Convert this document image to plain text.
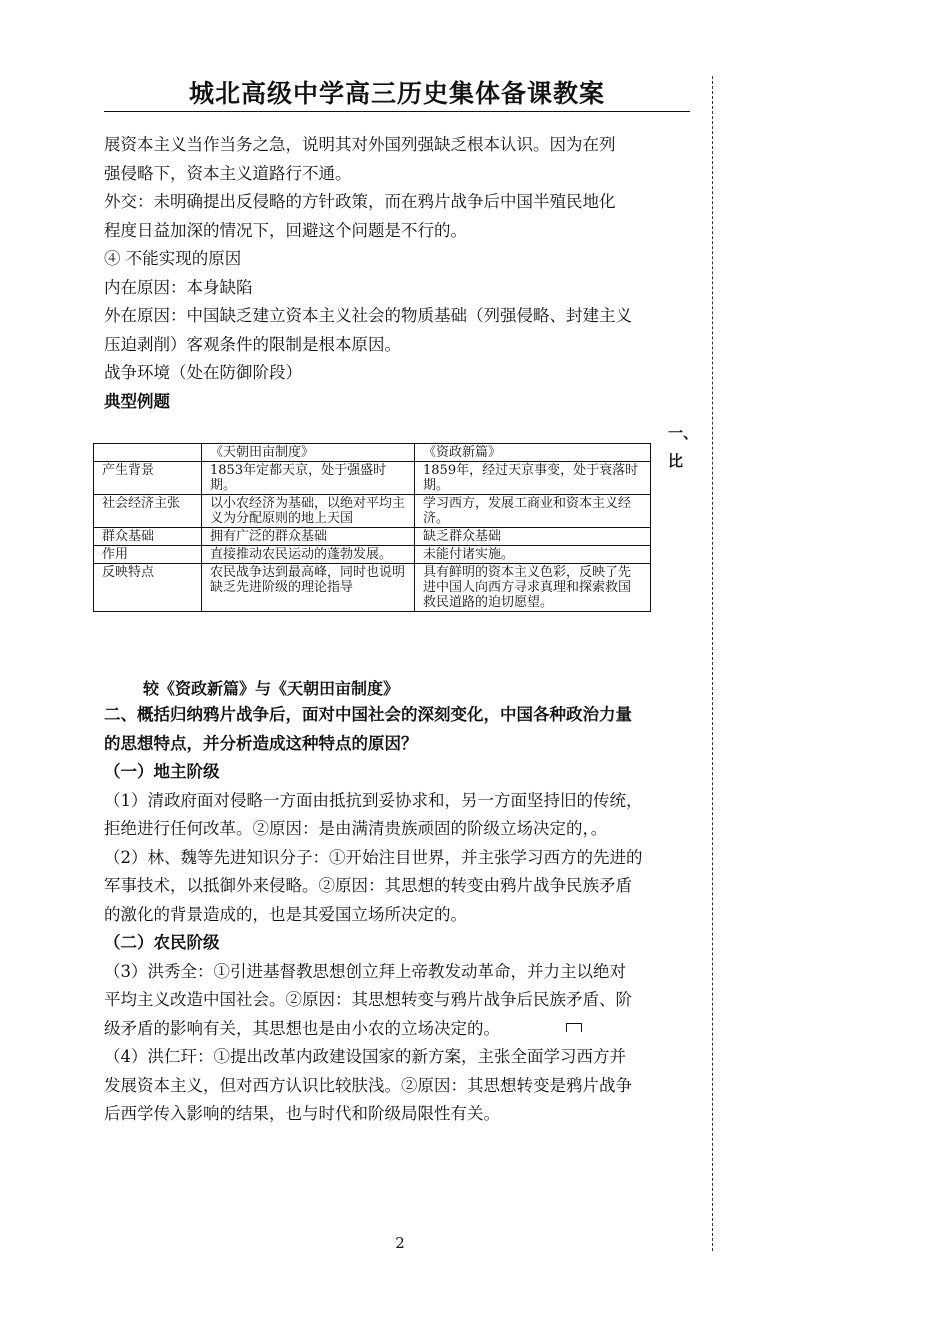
城北高级中学高三历史集体备课教案

展资本主义当作当务之急，说明其对外国列强缺乏根本认识。因为在列

强侵略下，资本主义道路行不通。

外交：未明确提出反侵略的方针政策，而在鸦片战争后中国半殖民地化

程度日益加深的情况下，回避这个问题是不行的。

④ 不能实现的原因

内在原因：本身缺陷

外在原因：中国缺乏建立资本主义社会的物质基础（列强侵略、封建主义

压迫剥削）客观条件的限制是根本原因。

战争环境（处在防御阶段）

典型例题

一、
比
	《天朝田亩制度》	《资政新篇》
产生背景	1853年定都天京，处于强盛时期。	1859年，经过天京事变，处于衰落时期。
社会经济主张	以小农经济为基础，以绝对平均主义为分配原则的地上天国	学习西方，发展工商业和资本主义经济。
群众基础	拥有广泛的群众基础	缺乏群众基础
作用	直接推动农民运动的蓬勃发展。	未能付诸实施。
反映特点	农民战争达到最高峰，同时也说明缺乏先进阶级的理论指导	具有鲜明的资本主义色彩，反映了先进中国人向西方寻求真理和探索救国救民道路的迫切愿望。
较《资政新篇》与《天朝田亩制度》

二、概括归纳鸦片战争后，面对中国社会的深刻变化，中国各种政治力量

的思想特点，并分析造成这种特点的原因？

（一）地主阶级

（1）清政府面对侵略一方面由抵抗到妥协求和，另一方面坚持旧的传统，

拒绝进行任何改革。②原因：是由满清贵族顽固的阶级立场决定的，。

（2）林、魏等先进知识分子：①开始注目世界，并主张学习西方的先进的

军事技术，以抵御外来侵略。②原因：其思想的转变由鸦片战争民族矛盾

的激化的背景造成的，也是其爱国立场所决定的。

（二）农民阶级

（3）洪秀全：①引进基督教思想创立拜上帝教发动革命，并力主以绝对

平均主义改造中国社会。②原因：其思想转变与鸦片战争后民族矛盾、阶

级矛盾的影响有关，其思想也是由小农的立场决定的。

（4）洪仁玕：①提出改革内政建设国家的新方案，主张全面学习西方并

发展资本主义，但对西方认识比较肤浅。②原因：其思想转变是鸦片战争

后西学传入影响的结果，也与时代和阶级局限性有关。

2
